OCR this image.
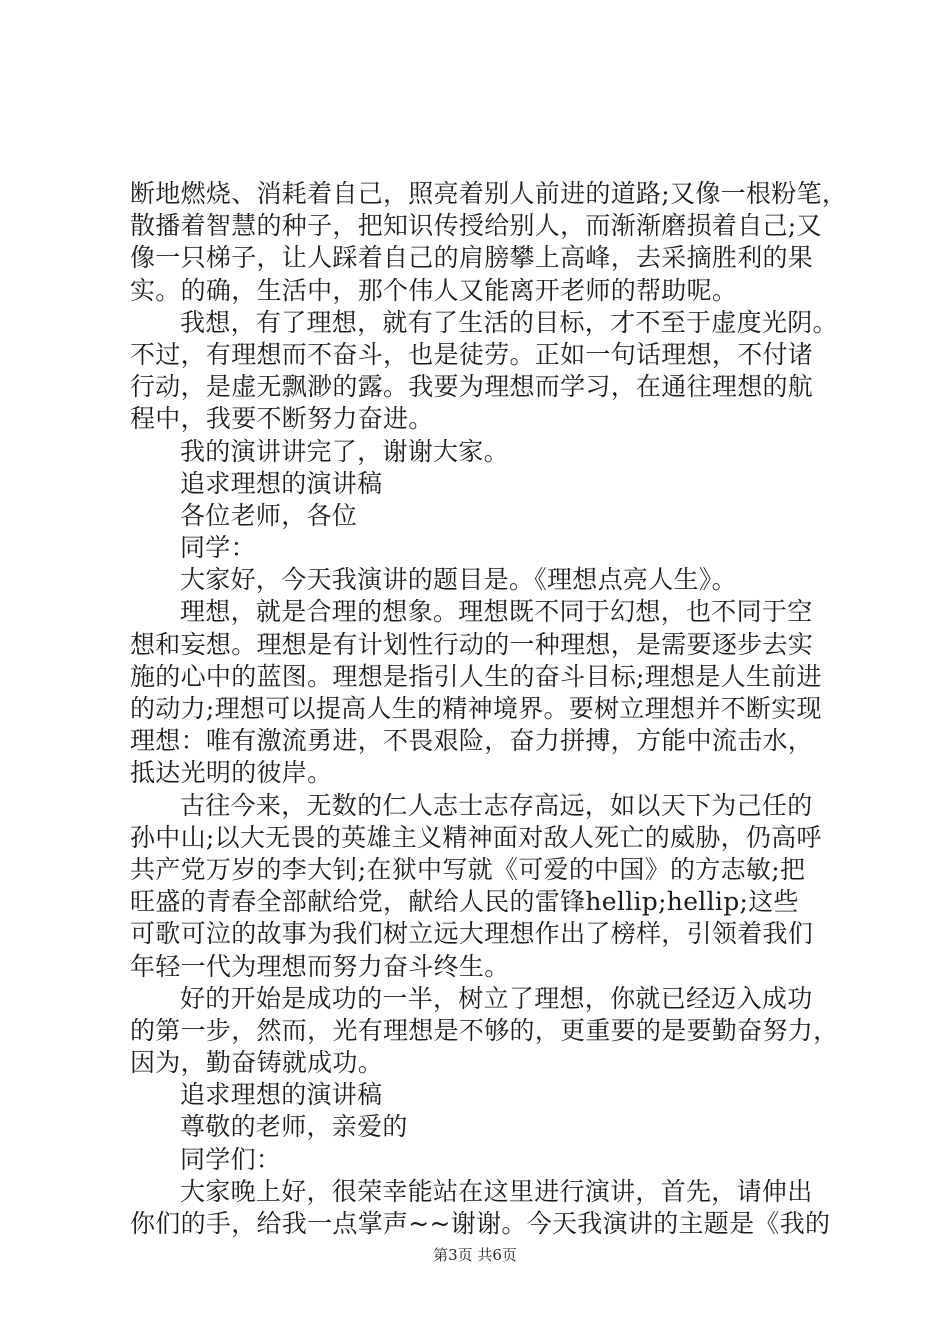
断地燃烧、消耗着自己，照亮着别人前进的道路;又像一根粉笔，
散播着智慧的种子，把知识传授给别人，而渐渐磨损着自己;又
像一只梯子，让人踩着自己的肩膀攀上高峰，去采摘胜利的果
实。的确，生活中，那个伟人又能离开老师的帮助呢。
我想，有了理想，就有了生活的目标，才不至于虚度光阴。
不过，有理想而不奋斗，也是徒劳。正如一句话理想，不付诸
行动，是虚无飘渺的露。我要为理想而学习，在通往理想的航
程中，我要不断努力奋进。
我的演讲讲完了，谢谢大家。
追求理想的演讲稿
各位老师，各位
同学：
大家好，今天我演讲的题目是。《理想点亮人生》。
理想，就是合理的想象。理想既不同于幻想，也不同于空
想和妄想。理想是有计划性行动的一种理想，是需要逐步去实
施的心中的蓝图。理想是指引人生的奋斗目标;理想是人生前进
的动力;理想可以提高人生的精神境界。要树立理想并不断实现
理想：唯有激流勇进，不畏艰险，奋力拼搏，方能中流击水，
抵达光明的彼岸。
古往今来，无数的仁人志士志存高远，如以天下为己任的
孙中山;以大无畏的英雄主义精神面对敌人死亡的威胁，仍高呼
共产党万岁的李大钊;在狱中写就《可爱的中国》的方志敏;把
旺盛的青春全部献给党，献给人民的雷锋hellip;hellip;这些
可歌可泣的故事为我们树立远大理想作出了榜样，引领着我们
年轻一代为理想而努力奋斗终生。
好的开始是成功的一半，树立了理想，你就已经迈入成功
的第一步，然而，光有理想是不够的，更重要的是要勤奋努力，
因为，勤奋铸就成功。
追求理想的演讲稿
尊敬的老师，亲爱的
同学们：
大家晚上好，很荣幸能站在这里进行演讲，首先，请伸出
你们的手，给我一点掌声~~谢谢。今天我演讲的主题是《我的
第3页 共6页
